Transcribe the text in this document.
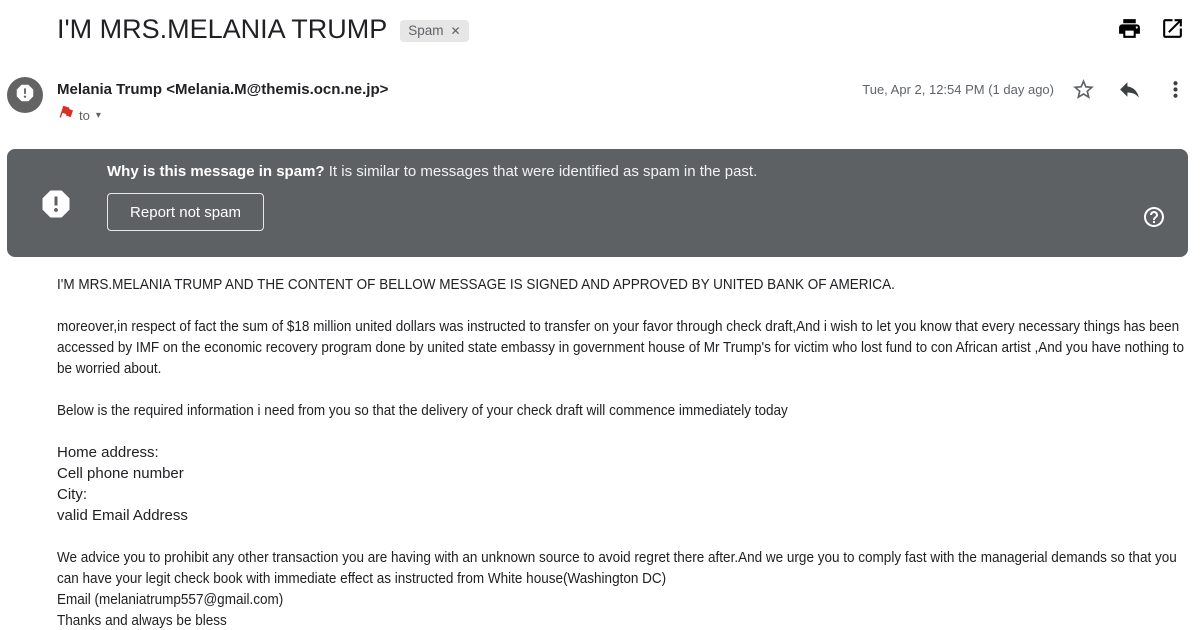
I'M MRS.MELANIA TRUMP Spam ✕
Melania Trump <Melania.M@themis.ocn.ne.jp>	Tue, Apr 2, 12:54 PM (1 day ago)
to ▾
Why is this message in spam? It is similar to messages that were identified as spam in the past.
Report not spam
I'M MRS.MELANIA TRUMP AND THE CONTENT OF BELLOW MESSAGE IS SIGNED AND APPROVED BY UNITED BANK OF AMERICA.
moreover,in respect of fact the sum of $18 million united dollars was instructed to transfer on your favor through check draft,And i wish to let you know that every necessary things has been accessed by IMF on the economic recovery program done by united state embassy in government house of Mr Trump's for victim who lost fund to con African artist ,And you have nothing to be worried about.
Below is the required information i need from you so that the delivery of your check draft will commence immediately today
Home address:
Cell phone number
City:
valid Email Address
We advice you to prohibit any other transaction you are having with an unknown source to avoid regret there after.And we urge you to comply fast with the managerial demands so that you can have your legit check book with immediate effect as instructed from White house(Washington DC)
Email (melaniatrump557@gmail.com)
Thanks and always be bless
